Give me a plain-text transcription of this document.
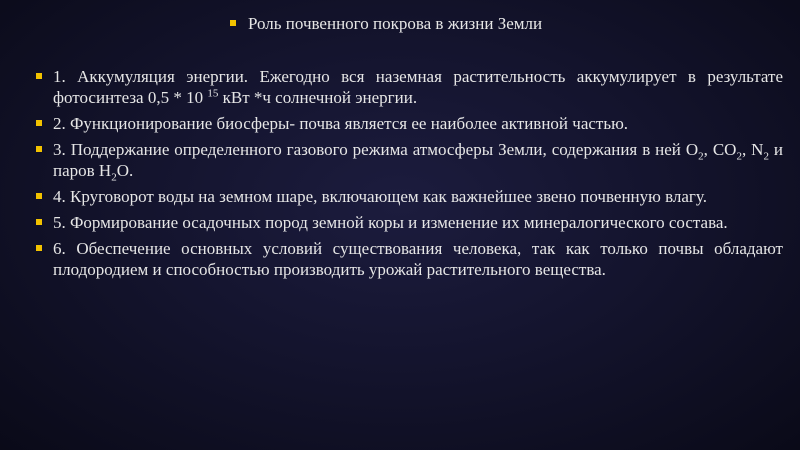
Роль почвенного покрова в жизни Земли
1. Аккумуляция энергии. Ежегодно вся наземная растительность аккумулирует в результате фотосинтеза 0,5 * 10 $^{15}$ кВт *ч солнечной энергии.
2. Функционирование биосферы- почва является ее наиболее активной частью.
3. Поддержание определенного газового режима атмосферы Земли, содержания в ней $O_2$, $CO_2$, $N_2$ и паров $H_2O$.
4. Круговорот воды на земном шаре, включающем как важнейшее звено почвенную влагу.
5. Формирование осадочных пород земной коры и изменение их минералогического состава.
6. Обеспечение основных условий существования человека, так как только почвы обладают плодородием и способностью производить урожай растительного вещества.
